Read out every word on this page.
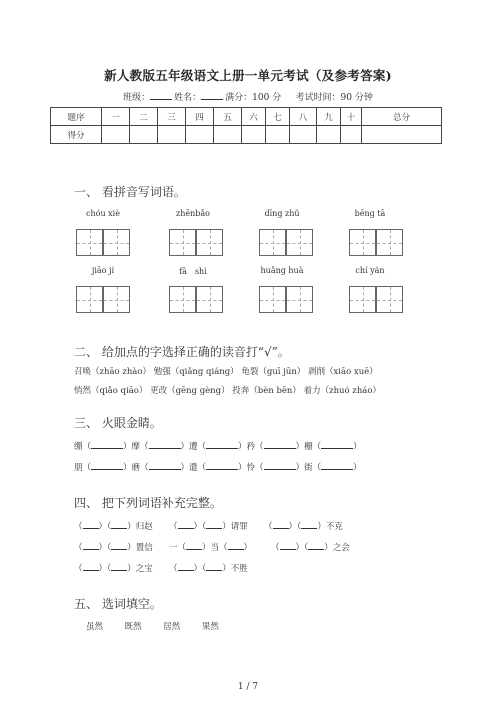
新人教版五年级语文上册一单元考试（及参考答案)
班级：	姓名：	满分：100 分 考试时间：90 分钟
题序	一	二	三	四	五	六	七	八	九	十	总分
得分											
一、 看拼音写词语。
chóu xiè	zhēnbǎo	dīng zhǔ	bēng tā
jiāo jí	fā　shì	huǎng huà	chí yán
二、 给加点的字选择正确的读音打“√”。
召唤（zhāo zhào） 勉强（qiǎng qiáng） 龟裂（guī jūn） 剥削（xiāo xuē）
悄然（qiǎo qiāo） 更改（gēng gèng） 投奔（bèn bēn） 着力（zhuó zháo）
三、 火眼金睛。
绷（	）摩（	）遭（	）矜（	）栅（	）
朋（	）磨（	）遣（	）怜（	）街（	）
四、 把下列词语补充完整。
（ ）（ ）归赵 （ ）（ ）请罪 （ ）（ ）不克
（ ）（ ）置信 一（ ）当（ ） （ ）（ ）之会
（ ）（ ）之宝 （ ）（ ）不胜
五、 选词填空。
虽然	既然	居然	果然
1 / 7
